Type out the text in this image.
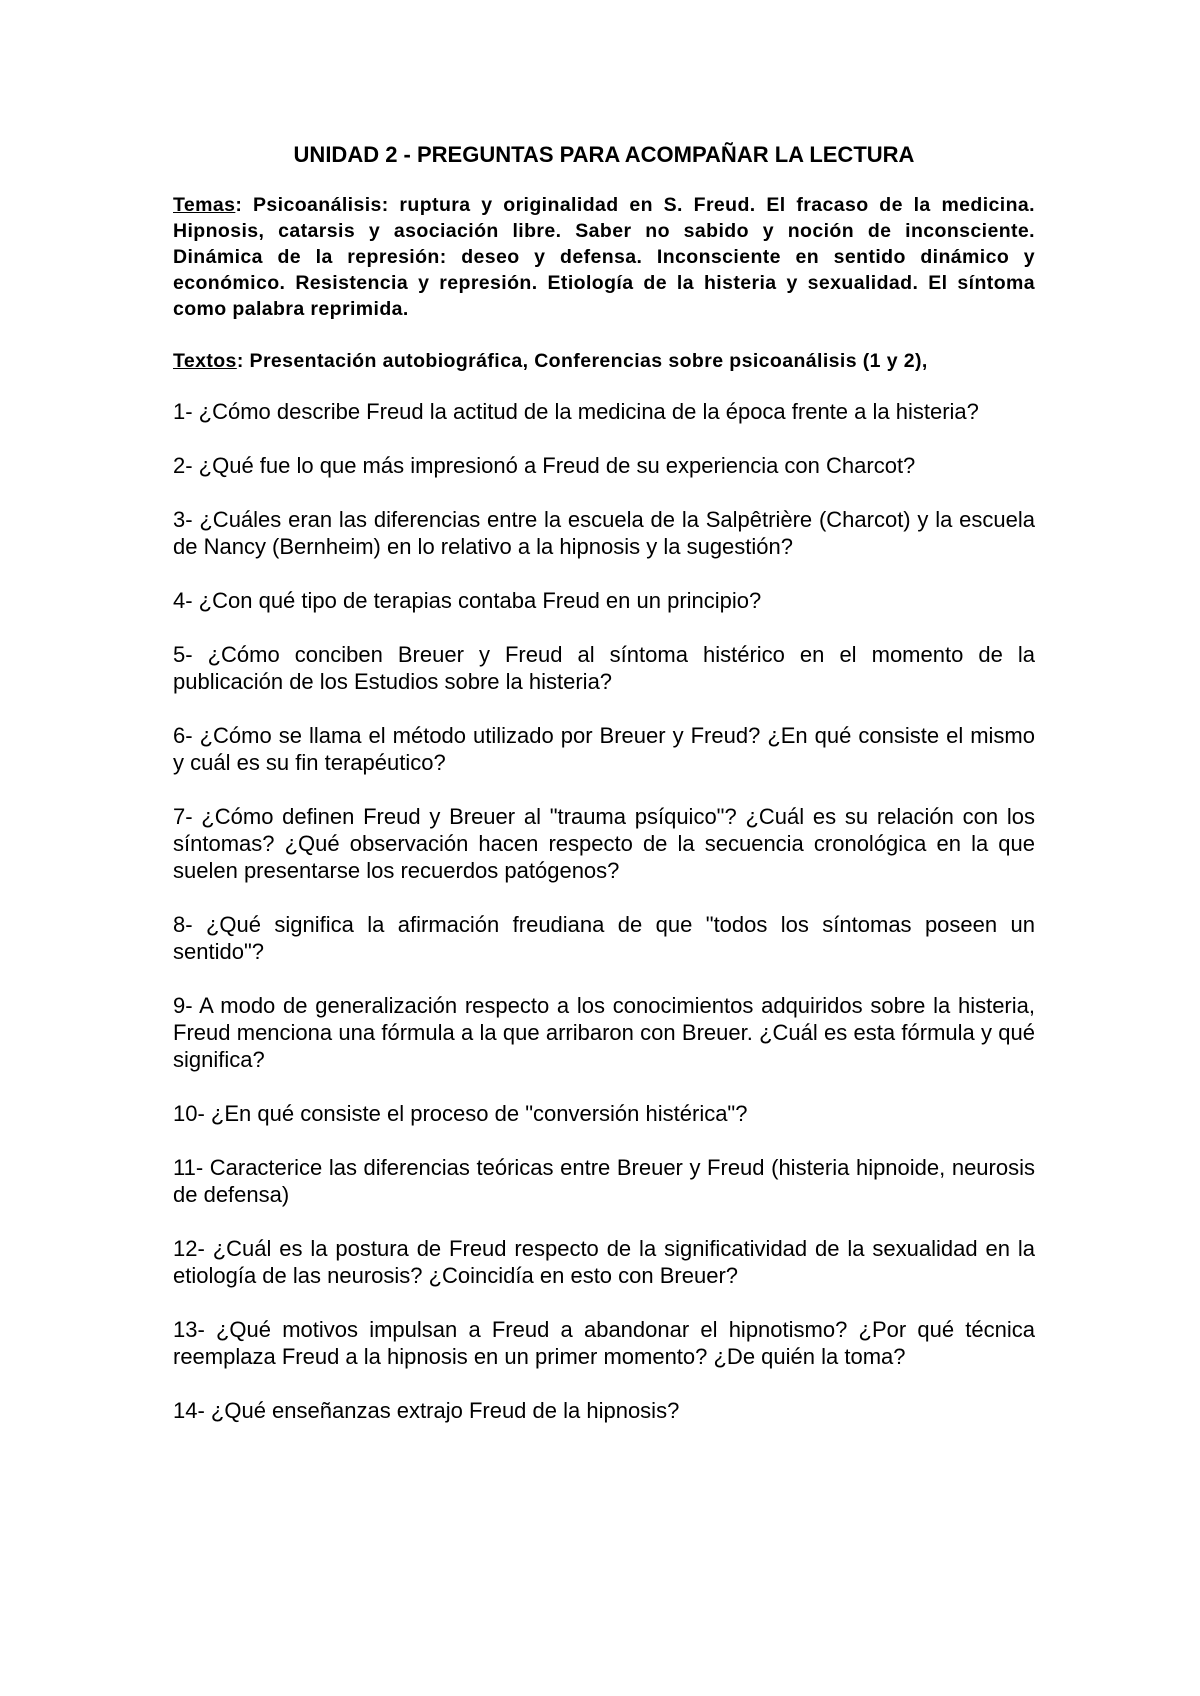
UNIDAD 2 - PREGUNTAS PARA ACOMPAÑAR LA LECTURA

Temas: Psicoanálisis: ruptura y originalidad en S. Freud. El fracaso de la medicina. Hipnosis, catarsis y asociación libre. Saber no sabido y noción de inconsciente. Dinámica de la represión: deseo y defensa. Inconsciente en sentido dinámico y económico. Resistencia y represión. Etiología de la histeria y sexualidad. El síntoma como palabra reprimida.

Textos: Presentación autobiográfica, Conferencias sobre psicoanálisis (1 y 2),

1- ¿Cómo describe Freud la actitud de la medicina de la época frente a la histeria?
2- ¿Qué fue lo que más impresionó a Freud de su experiencia con Charcot?
3- ¿Cuáles eran las diferencias entre la escuela de la Salpêtrière (Charcot) y la escuela de Nancy (Bernheim) en lo relativo a la hipnosis y la sugestión?
4- ¿Con qué tipo de terapias contaba Freud en un principio?
5- ¿Cómo conciben Breuer y Freud al síntoma histérico en el momento de la publicación de los Estudios sobre la histeria?
6- ¿Cómo se llama el método utilizado por Breuer y Freud? ¿En qué consiste el mismo y cuál es su fin terapéutico?
7- ¿Cómo definen Freud y Breuer al "trauma psíquico"? ¿Cuál es su relación con los síntomas? ¿Qué observación hacen respecto de la secuencia cronológica en la que suelen presentarse los recuerdos patógenos?
8- ¿Qué significa la afirmación freudiana de que "todos los síntomas poseen un sentido"?
9- A modo de generalización respecto a los conocimientos adquiridos sobre la histeria, Freud menciona una fórmula a la que arribaron con Breuer. ¿Cuál es esta fórmula y qué significa?
10- ¿En qué consiste el proceso de "conversión histérica"?
11- Caracterice las diferencias teóricas entre Breuer y Freud (histeria hipnoide, neurosis de defensa)
12- ¿Cuál es la postura de Freud respecto de la significatividad de la sexualidad en la etiología de las neurosis? ¿Coincidía en esto con Breuer?
13- ¿Qué motivos impulsan a Freud a abandonar el hipnotismo? ¿Por qué técnica reemplaza Freud a la hipnosis en un primer momento? ¿De quién la toma?
14- ¿Qué enseñanzas extrajo Freud de la hipnosis?
